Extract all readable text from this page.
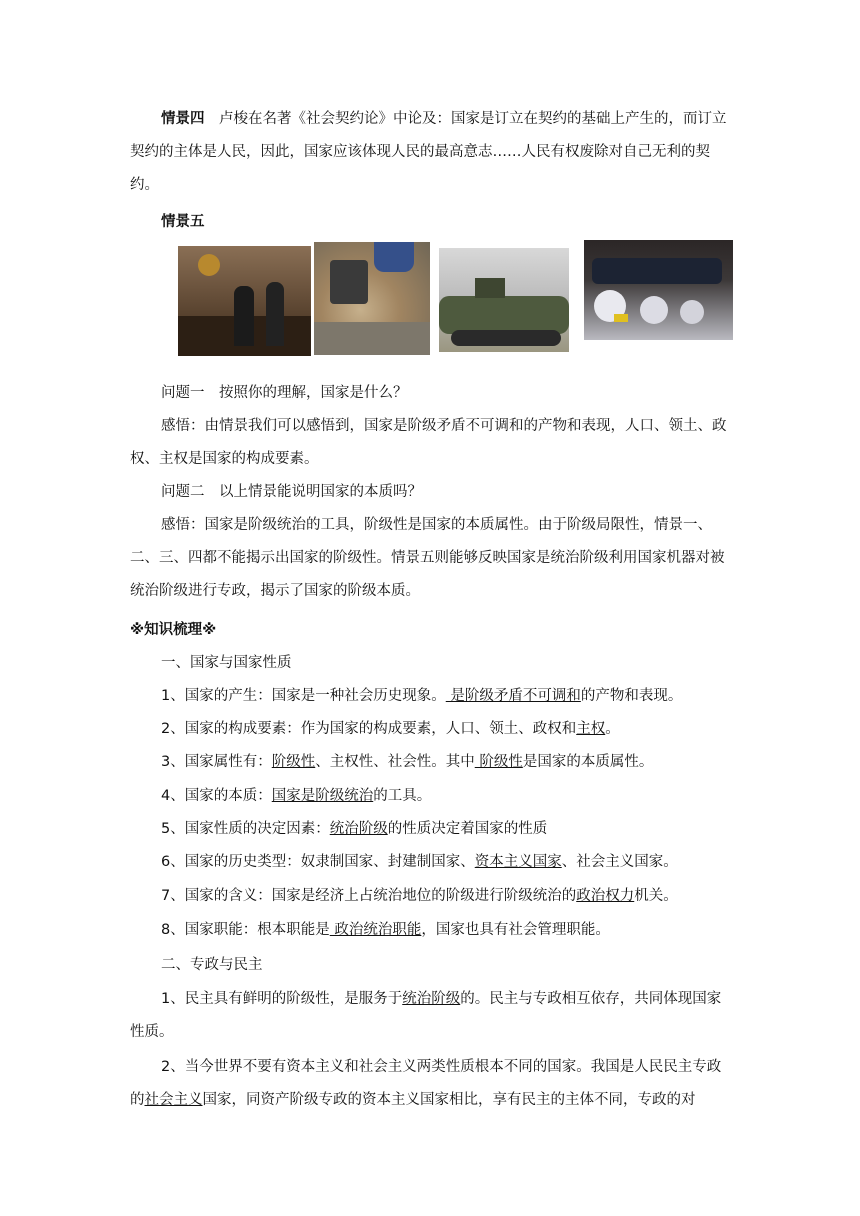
情景四　 卢梭在名著《社会契约论》中论及：国家是订立在契约的基础上产生的，而订立契约的主体是人民，因此，国家应该体现人民的最高意志……人民有权废除对自己无利的契约。
情景五
问题一　按照你的理解，国家是什么？
感悟：由情景我们可以感悟到，国家是阶级矛盾不可调和的产物和表现，人口、领土、政权、主权是国家的构成要素。
问题二　以上情景能说明国家的本质吗？
感悟：国家是阶级统治的工具，阶级性是国家的本质属性。由于阶级局限性，情景一、二、三、四都不能揭示出国家的阶级性。情景五则能够反映国家是统治阶级利用国家机器对被统治阶级进行专政，揭示了国家的阶级本质。
※知识梳理※
一、国家与国家性质
1、国家的产生：国家是一种社会历史现象。 是阶级矛盾不可调和的产物和表现。
2、国家的构成要素：作为国家的构成要素，人口、领土、政权和主权。
3、国家属性有：阶级性、主权性、社会性。其中 阶级性是国家的本质属性。
4、国家的本质：国家是阶级统治的工具。
5、国家性质的决定因素：统治阶级的性质决定着国家的性质
6、国家的历史类型：奴隶制国家、封建制国家、资本主义国家、社会主义国家。
7、国家的含义：国家是经济上占统治地位的阶级进行阶级统治的政治权力机关。
8、国家职能：根本职能是 政治统治职能，国家也具有社会管理职能。
二、专政与民主
1、民主具有鲜明的阶级性，是服务于统治阶级的。民主与专政相互依存，共同体现国家性质。
2、当今世界不要有资本主义和社会主义两类性质根本不同的国家。我国是人民民主专政的社会主义国家，同资产阶级专政的资本主义国家相比，享有民主的主体不同，专政的对
